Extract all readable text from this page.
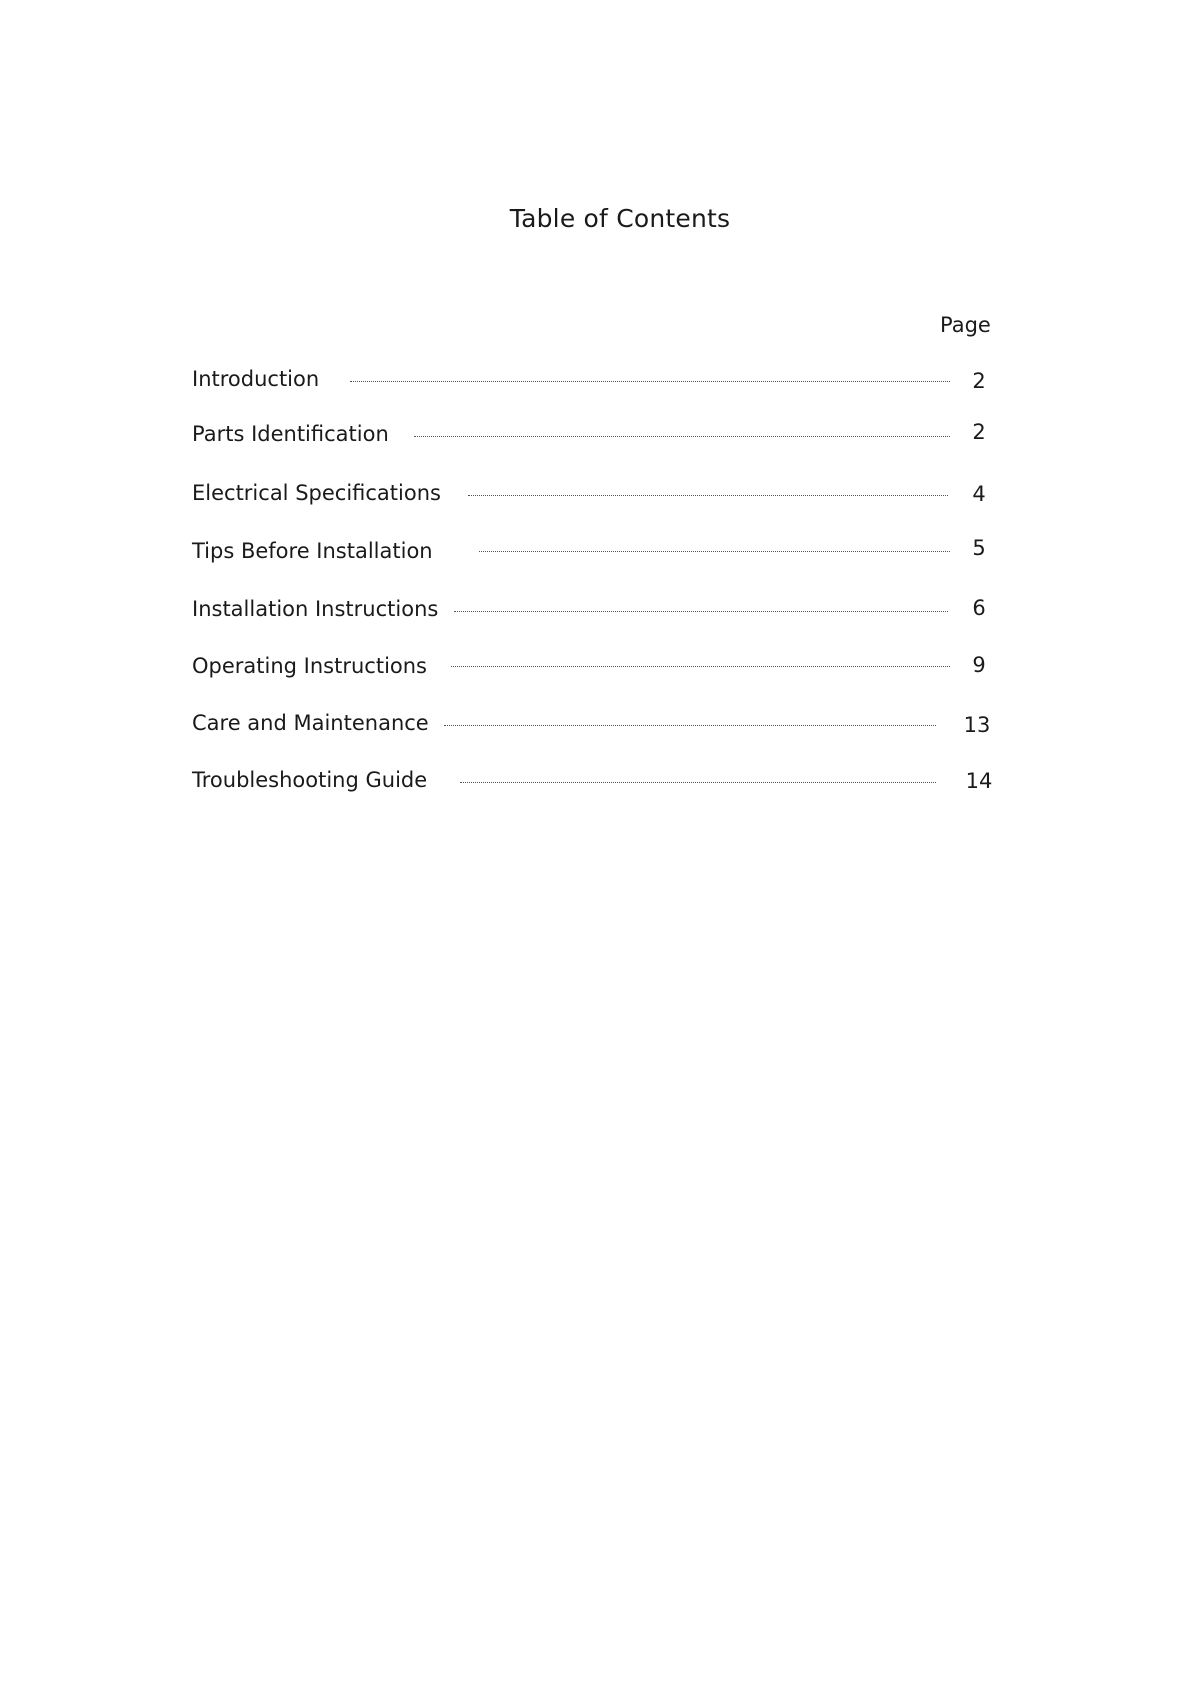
Table of Contents
Page
Introduction	2
Parts Identification	2
Electrical Specifications	4
Tips Before Installation	5
Installation Instructions	6
Operating Instructions	9
Care and Maintenance	13
Troubleshooting Guide	14
